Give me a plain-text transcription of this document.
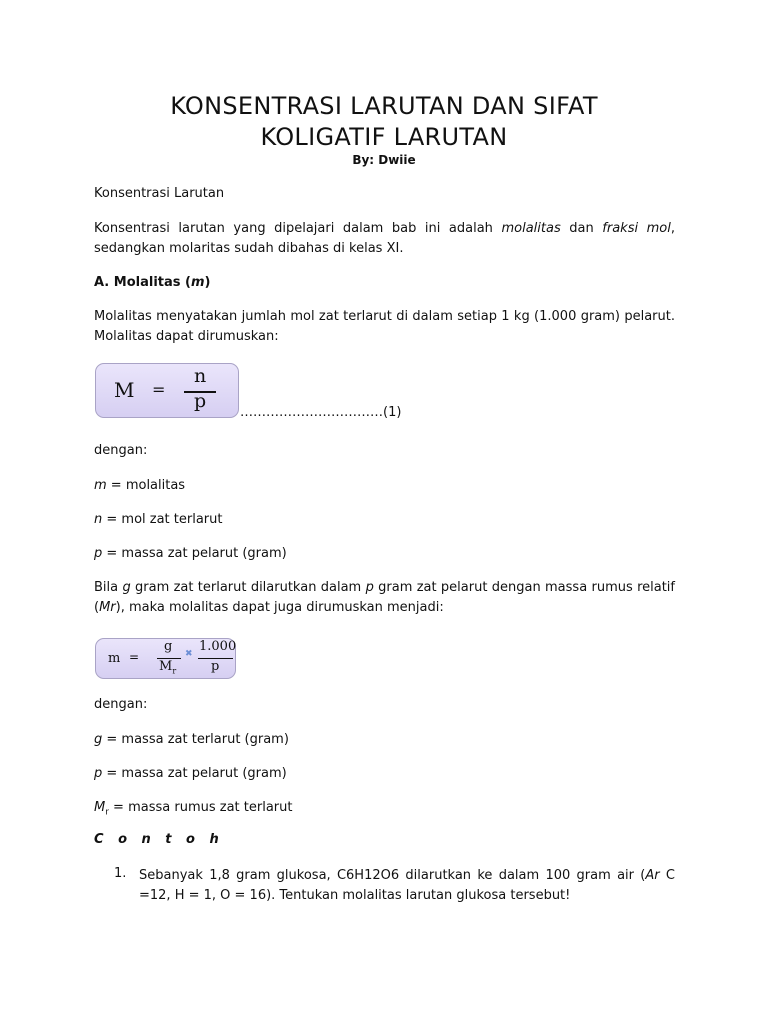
KONSENTRASI LARUTAN DAN SIFAT
KOLIGATIF LARUTAN
By: Dwiie
Konsentrasi Larutan
Konsentrasi larutan yang dipelajari dalam bab ini adalah molalitas dan fraksi mol, sedangkan molaritas sudah dibahas di kelas XI.
A. Molalitas (m)
Molalitas menyatakan jumlah mol zat terlarut di dalam setiap 1 kg (1.000 gram) pelarut. Molalitas dapat dirumuskan:
M =
n
p
……………………………(1)
dengan:
m = molalitas
n = mol zat terlarut
p = massa zat pelarut (gram)
Bila g gram zat terlarut dilarutkan dalam p gram zat pelarut dengan massa rumus relatif (Mr), maka molalitas dapat juga dirumuskan menjadi:
m =
g
$M_r$
✖ 1.000
p
dengan:
g = massa zat terlarut (gram)
p = massa zat pelarut (gram)
$M_r$ = massa rumus zat terlarut
C o n t o h
1. Sebanyak 1,8 gram glukosa, C6H12O6 dilarutkan ke dalam 100 gram air (Ar C =12, H = 1, O = 16). Tentukan molalitas larutan glukosa tersebut!
